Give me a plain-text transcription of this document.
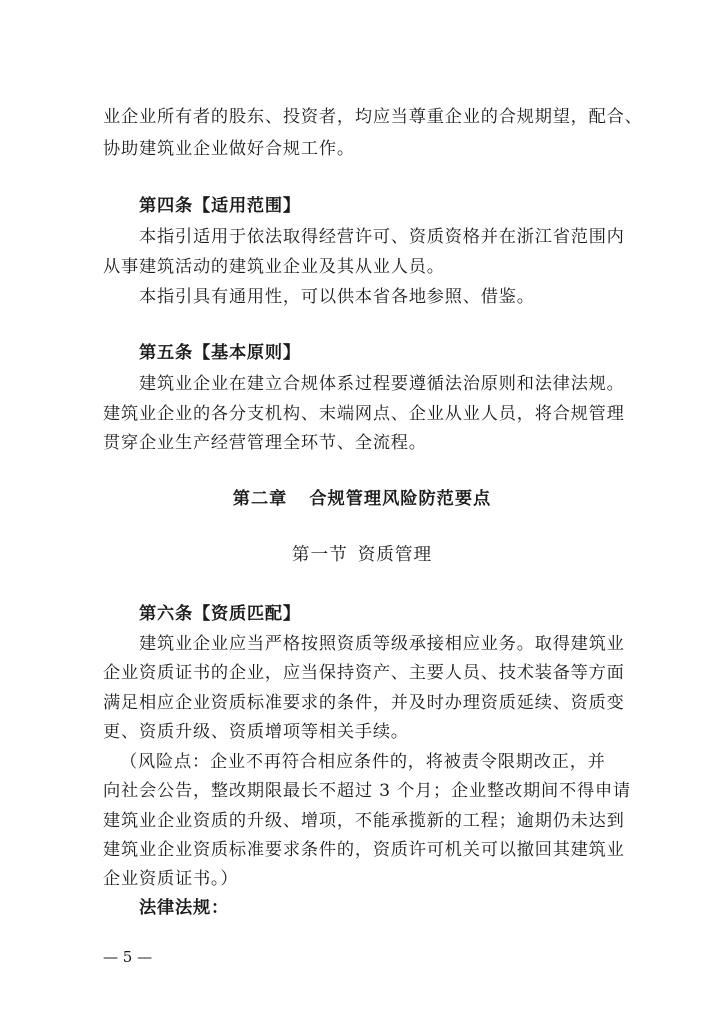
业企业所有者的股东、投资者，均应当尊重企业的合规期望，配合、
协助建筑业企业做好合规工作。
第四条【适用范围】
本指引适用于依法取得经营许可、资质资格并在浙江省范围内
从事建筑活动的建筑业企业及其从业人员。
本指引具有通用性，可以供本省各地参照、借鉴。
第五条【基本原则】
建筑业企业在建立合规体系过程要遵循法治原则和法律法规。
建筑业企业的各分支机构、末端网点、企业从业人员，将合规管理
贯穿企业生产经营管理全环节、全流程。
第二章 合规管理风险防范要点
第一节 资质管理
第六条【资质匹配】
建筑业企业应当严格按照资质等级承接相应业务。取得建筑业
企业资质证书的企业，应当保持资产、主要人员、技术装备等方面
满足相应企业资质标准要求的条件，并及时办理资质延续、资质变
更、资质升级、资质增项等相关手续。
（风险点：企业不再符合相应条件的，将被责令限期改正，并
向社会公告，整改期限最长不超过 3 个月；企业整改期间不得申请
建筑业企业资质的升级、增项，不能承揽新的工程；逾期仍未达到
建筑业企业资质标准要求条件的，资质许可机关可以撤回其建筑业
企业资质证书。）
法律法规：
— 5 —
